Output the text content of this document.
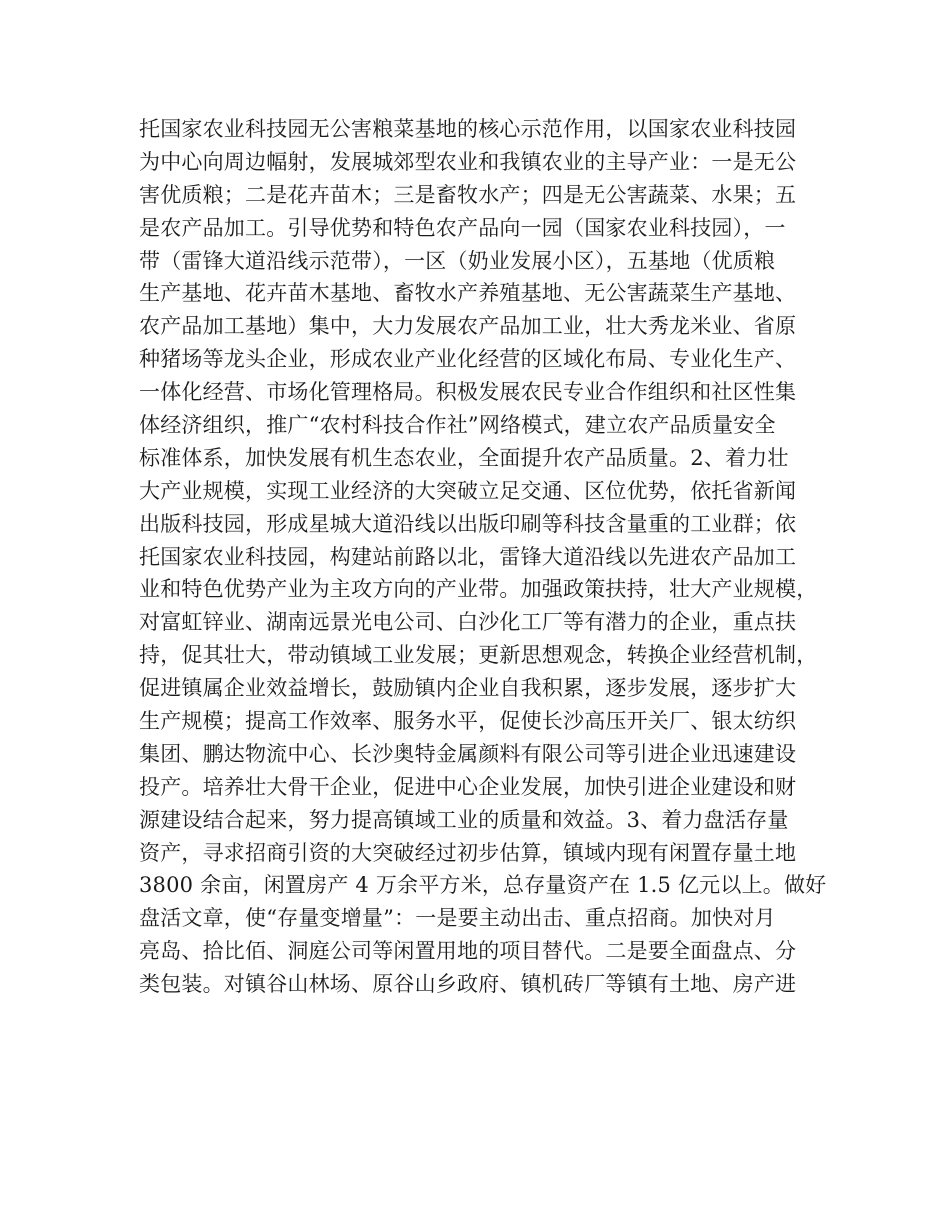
托国家农业科技园无公害粮菜基地的核心示范作用，以国家农业科技园
为中心向周边幅射，发展城郊型农业和我镇农业的主导产业：一是无公
害优质粮；二是花卉苗木；三是畜牧水产；四是无公害蔬菜、水果；五
是农产品加工。引导优势和特色农产品向一园（国家农业科技园），一
带（雷锋大道沿线示范带），一区（奶业发展小区），五基地（优质粮
生产基地、花卉苗木基地、畜牧水产养殖基地、无公害蔬菜生产基地、
农产品加工基地）集中，大力发展农产品加工业，壮大秀龙米业、省原
种猪场等龙头企业，形成农业产业化经营的区域化布局、专业化生产、
一体化经营、市场化管理格局。积极发展农民专业合作组织和社区性集
体经济组织，推广“农村科技合作社”网络模式，建立农产品质量安全
标准体系，加快发展有机生态农业，全面提升农产品质量。2、着力壮
大产业规模，实现工业经济的大突破立足交通、区位优势，依托省新闻
出版科技园，形成星城大道沿线以出版印刷等科技含量重的工业群；依
托国家农业科技园，构建站前路以北，雷锋大道沿线以先进农产品加工
业和特色优势产业为主攻方向的产业带。加强政策扶持，壮大产业规模，
对富虹锌业、湖南远景光电公司、白沙化工厂等有潜力的企业，重点扶
持，促其壮大，带动镇域工业发展；更新思想观念，转换企业经营机制，
促进镇属企业效益增长，鼓励镇内企业自我积累，逐步发展，逐步扩大
生产规模；提高工作效率、服务水平，促使长沙高压开关厂、银太纺织
集团、鹏达物流中心、长沙奥特金属颜料有限公司等引进企业迅速建设
投产。培养壮大骨干企业，促进中心企业发展，加快引进企业建设和财
源建设结合起来，努力提高镇域工业的质量和效益。3、着力盘活存量
资产，寻求招商引资的大突破经过初步估算，镇域内现有闲置存量土地
3800 余亩，闲置房产 4 万余平方米，总存量资产在 1.5 亿元以上。做好
盘活文章，使“存量变增量”：一是要主动出击、重点招商。加快对月
亮岛、拾比佰、洞庭公司等闲置用地的项目替代。二是要全面盘点、分
类包装。对镇谷山林场、原谷山乡政府、镇机砖厂等镇有土地、房产进
